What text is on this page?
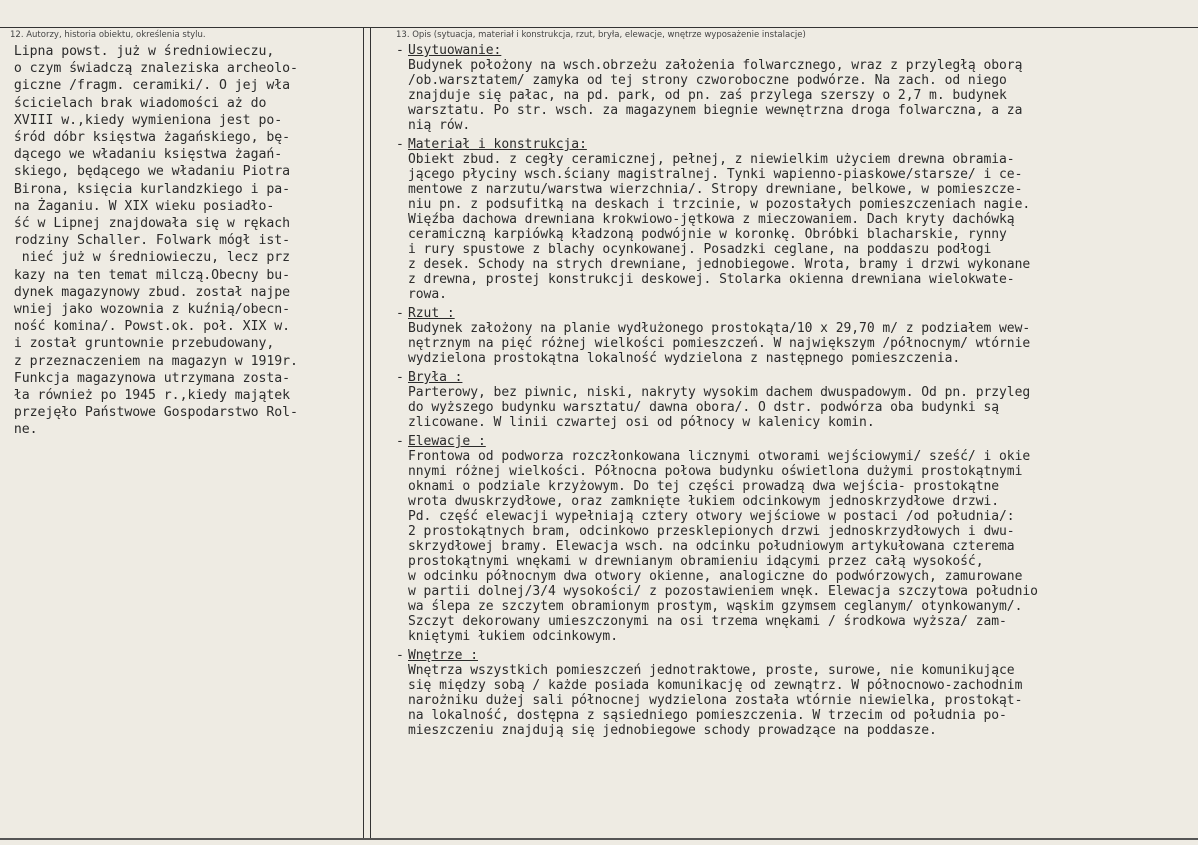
12. Autorzy, historia obiektu, określenia stylu.	13. Opis (sytuacja, materiał i konstrukcja, rzut, bryła, elewacje, wnętrze wyposażenie instalacje)
Lipna powst. już w średniowieczu,
o czym świadczą znaleziska archeolo-
giczne /fragm. ceramiki/. O jej wła
ścicielach brak wiadomości aż do
XVIII w.,kiedy wymieniona jest po-
śród dóbr księstwa żagańskiego, bę-
dącego we władaniu księstwa żagań-
skiego, będącego we władaniu Piotra
Birona, księcia kurlandzkiego i pa-
na Żaganiu. W XIX wieku posiadło-
ść w Lipnej znajdowała się w rękach
rodziny Schaller. Folwark mógł ist-
nieć już w średniowieczu, lecz prz
kazy na ten temat milczą.Obecny bu-
dynek magazynowy zbud. został najpe
wniej jako wozownia z kuźnią/obecn-
ność komina/. Powst.ok. poł. XIX w.
i został gruntownie przebudowany,
z przeznaczeniem na magazyn w 1919r.
Funkcja magazynowa utrzymana zosta-
ła również po 1945 r.,kiedy majątek
przejęło Państwowe Gospodarstwo Rol-
ne.
- Usytuowanie:
Budynek położony na wsch.obrzeżu założenia folwarcznego, wraz z przyległą oborą
/ob.warsztatem/ zamyka od tej strony czworoboczne podwórze. Na zach. od niego
znajduje się pałac, na pd. park, od pn. zaś przylega szerszy o 2,7 m. budynek
warsztatu. Po str. wsch. za magazynem biegnie wewnętrzna droga folwarczna, a za
nią rów.
- Materiał i konstrukcja:
Obiekt zbud. z cegły ceramicznej, pełnej, z niewielkim użyciem drewna obramia-
jącego płyciny wsch.ściany magistralnej. Tynki wapienno-piaskowe/starsze/ i ce-
mentowe z narzutu/warstwa wierzchnia/. Stropy drewniane, belkowe, w pomieszcze-
niu pn. z podsufitką na deskach i trzcinie, w pozostałych pomieszczeniach nagie.
Więźba dachowa drewniana krokwiowo-jętkowa z mieczowaniem. Dach kryty dachówką
ceramiczną karpiówką kładzoną podwójnie w koronkę. Obróbki blacharskie, rynny
i rury spustowe z blachy ocynkowanej. Posadzki ceglane, na poddaszu podłogi
z desek. Schody na strych drewniane, jednobiegowe. Wrota, bramy i drzwi wykonane
z drewna, prostej konstrukcji deskowej. Stolarka okienna drewniana wielokwate-
rowa.
- Rzut :
Budynek założony na planie wydłużonego prostokąta/10 x 29,70 m/ z podziałem wew-
nętrznym na pięć różnej wielkości pomieszczeń. W największym /północnym/ wtórnie
wydzielona prostokątna lokalność wydzielona z następnego pomieszczenia.
- Bryła :
Parterowy, bez piwnic, niski, nakryty wysokim dachem dwuspadowym. Od pn. przyleg
do wyższego budynku warsztatu/ dawna obora/. O dstr. podwórza oba budynki są
zlicowane. W linii czwartej osi od północy w kalenicy komin.
- Elewacje :
Frontowa od podworza rozczłonkowana licznymi otworami wejściowymi/ sześć/ i okie
nnymi różnej wielkości. Północna połowa budynku oświetlona dużymi prostokątnymi
oknami o podziale krzyżowym. Do tej części prowadzą dwa wejścia- prostokątne
wrota dwuskrzydłowe, oraz zamknięte łukiem odcinkowym jednoskrzydłowe drzwi.
Pd. część elewacji wypełniają cztery otwory wejściowe w postaci /od południa/:
2 prostokątnych bram, odcinkowo przesklepionych drzwi jednoskrzydłowych i dwu-
skrzydłowej bramy. Elewacja wsch. na odcinku południowym artykułowana czterema
prostokątnymi wnękami w drewnianym obramieniu idącymi przez całą wysokość,
w odcinku północnym dwa otwory okienne, analogiczne do podwórzowych, zamurowane
w partii dolnej/3/4 wysokości/ z pozostawieniem wnęk. Elewacja szczytowa południo
wa ślepa ze szczytem obramionym prostym, wąskim gzymsem ceglanym/ otynkowanym/.
Szczyt dekorowany umieszczonymi na osi trzema wnękami / środkowa wyższa/ zam-
kniętymi łukiem odcinkowym.
- Wnętrze :
Wnętrza wszystkich pomieszczeń jednotraktowe, proste, surowe, nie komunikujące
się między sobą / każde posiada komunikację od zewnątrz. W północnowo-zachodnim
narożniku dużej sali północnej wydzielona została wtórnie niewielka, prostokąt-
na lokalność, dostępna z sąsiedniego pomieszczenia. W trzecim od południa po-
mieszczeniu znajdują się jednobiegowe schody prowadzące na poddasze.
